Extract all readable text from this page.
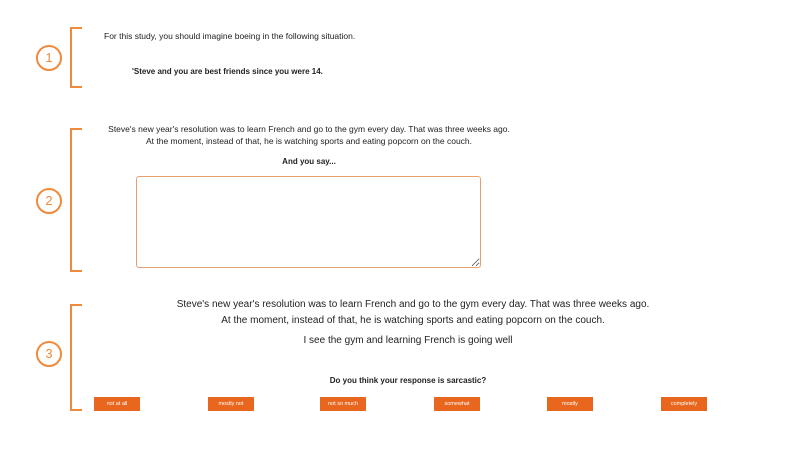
1
For this study, you should imagine boeing in the following situation.
'Steve and you are best friends since you were 14.
2
Steve's new year's resolution was to learn French and go to the gym every day. That was three weeks ago.
At the moment, instead of that, he is watching sports and eating popcorn on the couch.
And you say...
3
Steve's new year's resolution was to learn French and go to the gym every day. That was three weeks ago.
At the moment, instead of that, he is watching sports and eating popcorn on the couch.
I see the gym and learning French is going well
Do you think your response is sarcastic?
not at all	mostly not	not so much	somewhat	mostly	completely
